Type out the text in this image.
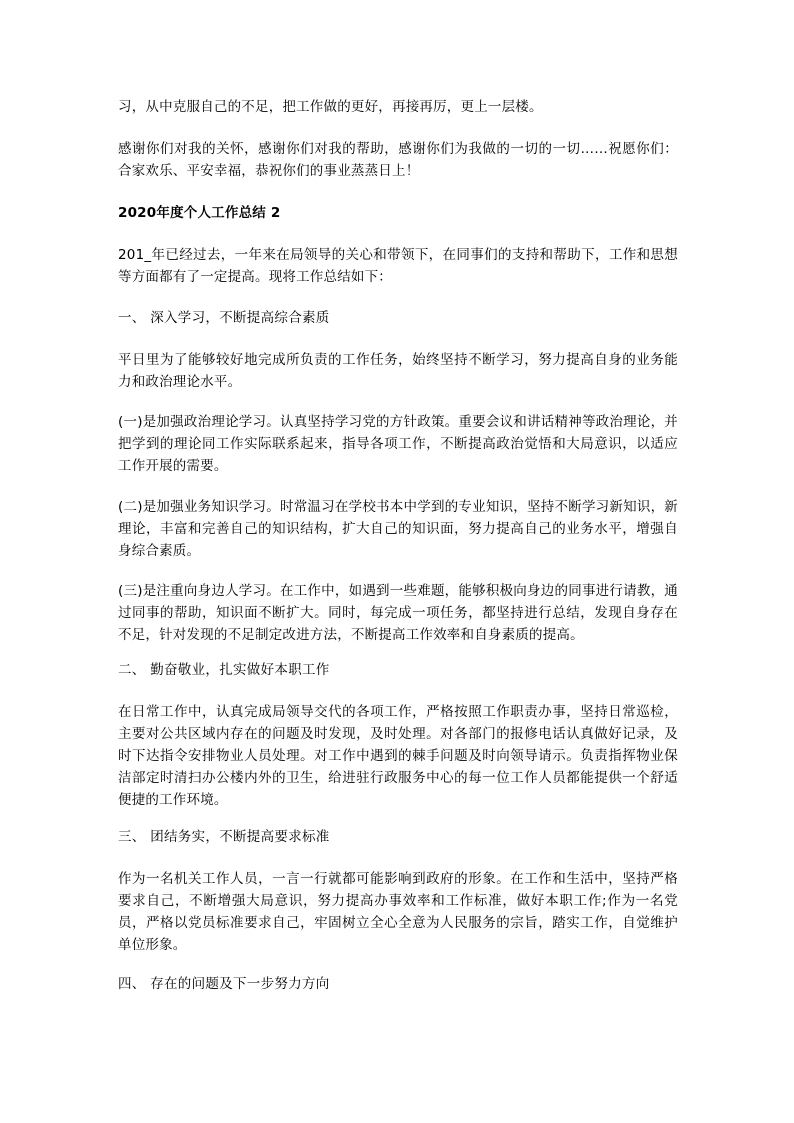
习，从中克服自己的不足，把工作做的更好，再接再厉，更上一层楼。

感谢你们对我的关怀，感谢你们对我的帮助，感谢你们为我做的一切的一切……祝愿你们：合家欢乐、平安幸福，恭祝你们的事业蒸蒸日上！

2020年度个人工作总结 2

201_年已经过去，一年来在局领导的关心和带领下，在同事们的支持和帮助下，工作和思想等方面都有了一定提高。现将工作总结如下：

一、 深入学习，不断提高综合素质

平日里为了能够较好地完成所负责的工作任务，始终坚持不断学习，努力提高自身的业务能力和政治理论水平。

(一)是加强政治理论学习。认真坚持学习党的方针政策。重要会议和讲话精神等政治理论，并把学到的理论同工作实际联系起来，指导各项工作，不断提高政治觉悟和大局意识，以适应工作开展的需要。

(二)是加强业务知识学习。时常温习在学校书本中学到的专业知识，坚持不断学习新知识，新理论，丰富和完善自己的知识结构，扩大自己的知识面，努力提高自己的业务水平，增强自身综合素质。

(三)是注重向身边人学习。在工作中，如遇到一些难题，能够积极向身边的同事进行请教，通过同事的帮助，知识面不断扩大。同时，每完成一项任务，都坚持进行总结，发现自身存在不足，针对发现的不足制定改进方法，不断提高工作效率和自身素质的提高。

二、 勤奋敬业，扎实做好本职工作

在日常工作中，认真完成局领导交代的各项工作，严格按照工作职责办事，坚持日常巡检，主要对公共区域内存在的问题及时发现，及时处理。对各部门的报修电话认真做好记录，及时下达指令安排物业人员处理。对工作中遇到的棘手问题及时向领导请示。负责指挥物业保洁部定时清扫办公楼内外的卫生，给进驻行政服务中心的每一位工作人员都能提供一个舒适便捷的工作环境。

三、 团结务实，不断提高要求标准

作为一名机关工作人员，一言一行就都可能影响到政府的形象。在工作和生活中，坚持严格要求自己，不断增强大局意识，努力提高办事效率和工作标准，做好本职工作;作为一名党员，严格以党员标准要求自己，牢固树立全心全意为人民服务的宗旨，踏实工作，自觉维护单位形象。

四、 存在的问题及下一步努力方向
